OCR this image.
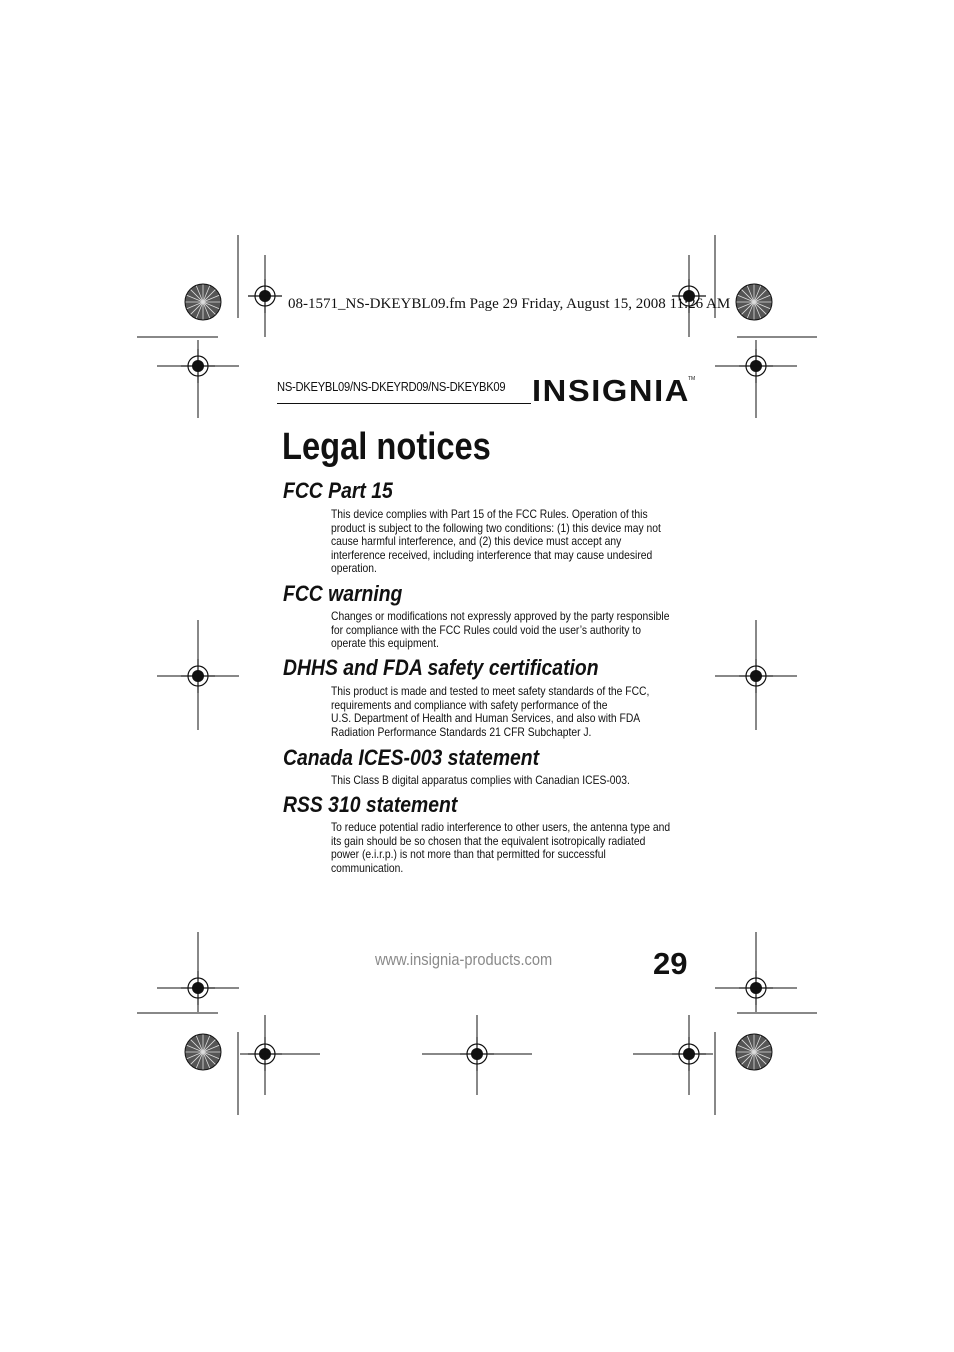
08-1571_NS-DKEYBL09.fm Page 29 Friday, August 15, 2008 11:26 AM
NS-DKEYBL09/NS-DKEYRD09/NS-DKEYBK09 INSIGNIA
TM
Legal notices
FCC Part 15
This device complies with Part 15 of the FCC Rules. Operation of this
product is subject to the following two conditions: (1) this device may not
cause harmful interference, and (2) this device must accept any
interference received, including interference that may cause undesired
operation.
FCC warning
Changes or modifications not expressly approved by the party responsible
for compliance with the FCC Rules could void the user’s authority to
operate this equipment.
DHHS and FDA safety certification
This product is made and tested to meet safety standards of the FCC,
requirements and compliance with safety performance of the
U.S. Department of Health and Human Services, and also with FDA
Radiation Performance Standards 21 CFR Subchapter J.
Canada ICES-003 statement
This Class B digital apparatus complies with Canadian ICES-003.
RSS 310 statement
To reduce potential radio interference to other users, the antenna type and
its gain should be so chosen that the equivalent isotropically radiated
power (e.i.r.p.) is not more than that permitted for successful
communication.
www.insignia-products.com	29
